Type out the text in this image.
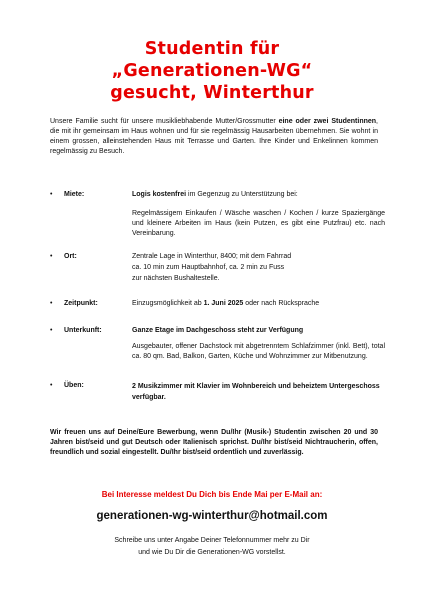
Studentin für
„Generationen-WG“
gesucht, Winterthur
Unsere Familie sucht für unsere musikliebhabende Mutter/Grossmutter eine oder zwei Studentinnen, die mit ihr gemeinsam im Haus wohnen und für sie regelmässig Hausarbeiten übernehmen. Sie wohnt in einem grossen, alleinstehenden Haus mit Terrasse und Garten. Ihre Kinder und Enkelinnen kommen regelmässig zu Besuch.
• Miete:	Logis kostenfrei im Gegenzug zu Unterstützung bei:

Regelmässigem Einkaufen / Wäsche waschen / Kochen / kurze Spaziergänge und kleinere Arbeiten im Haus (kein Putzen, es gibt eine Putzfrau) etc. nach Vereinbarung.

• Ort:	Zentrale Lage in Winterthur, 8400; mit dem Fahrrad

ca. 10 min zum Hauptbahnhof, ca. 2 min zu Fuss

zur nächsten Bushaltestelle.

• Zeitpunkt:	Einzugsmöglichkeit ab 1. Juni 2025 oder nach Rücksprache

• Unterkunft:	Ganze Etage im Dachgeschoss steht zur Verfügung

Ausgebauter, offener Dachstock mit abgetrenntem Schlafzimmer (inkl. Bett), total ca. 80 qm. Bad, Balkon, Garten, Küche und Wohnzimmer zur Mitbenutzung.

• Üben:	2 Musikzimmer mit Klavier im Wohnbereich und beheiztem Untergeschoss verfügbar.

Wir freuen uns auf Deine/Eure Bewerbung, wenn Du/Ihr (Musik-) Studentin zwischen 20 und 30 Jahren bist/seid und gut Deutsch oder Italienisch sprichst. Du/Ihr bist/seid Nichtraucherin, offen, freundlich und sozial eingestellt. Du/Ihr bist/seid ordentlich und zuverlässig.
Bei Interesse meldest Du Dich bis Ende Mai per E-Mail an:
generationen-wg-winterthur@hotmail.com
Schreibe uns unter Angabe Deiner Telefonnummer mehr zu Dir
und wie Du Dir die Generationen-WG vorstellst.
